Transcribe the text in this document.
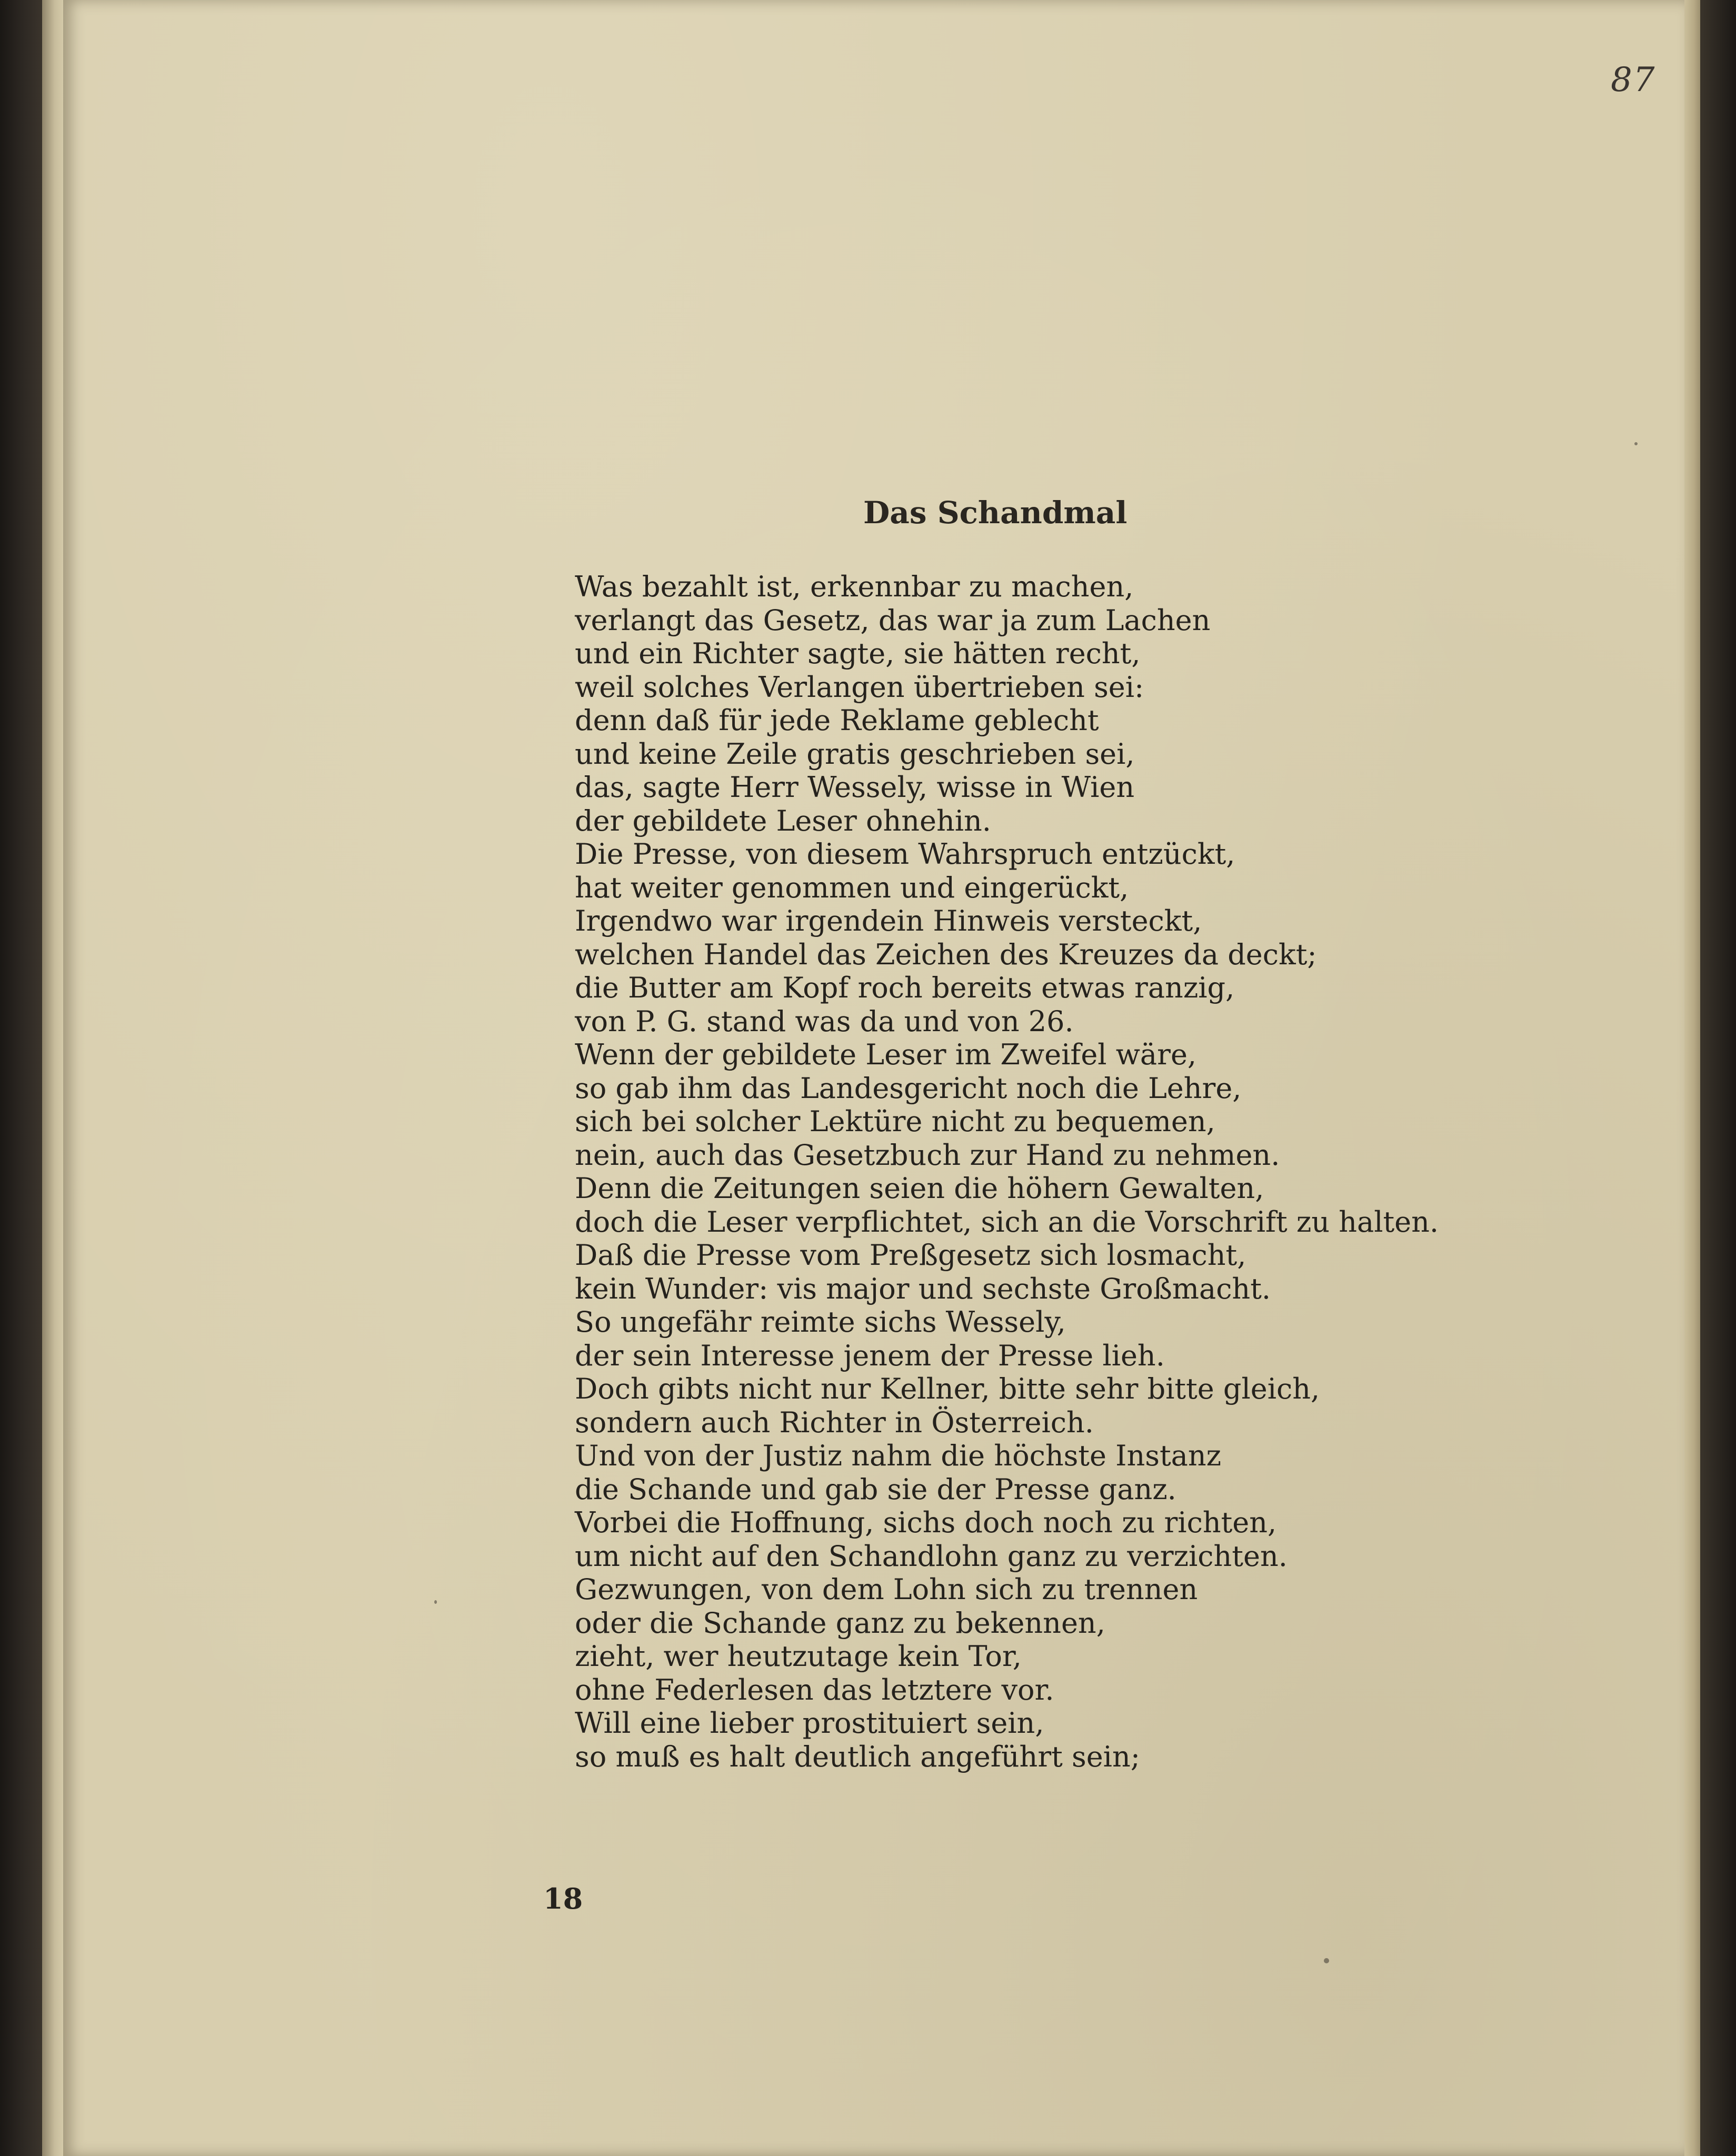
87
Das Schandmal
Was bezahlt ist, erkennbar zu machen,
verlangt das Gesetz, das war ja zum Lachen
und ein Richter sagte, sie hätten recht,
weil solches Verlangen übertrieben sei:
denn daß für jede Reklame geblecht
und keine Zeile gratis geschrieben sei,
das, sagte Herr Wessely, wisse in Wien
der gebildete Leser ohnehin.
Die Presse, von diesem Wahrspruch entzückt,
hat weiter genommen und eingerückt,
Irgendwo war irgendein Hinweis versteckt,
welchen Handel das Zeichen des Kreuzes da deckt;
die Butter am Kopf roch bereits etwas ranzig,
von P. G. stand was da und von 26.
Wenn der gebildete Leser im Zweifel wäre,
so gab ihm das Landesgericht noch die Lehre,
sich bei solcher Lektüre nicht zu bequemen,
nein, auch das Gesetzbuch zur Hand zu nehmen.
Denn die Zeitungen seien die höhern Gewalten,
doch die Leser verpflichtet, sich an die Vorschrift zu halten.
Daß die Presse vom Preßgesetz sich losmacht,
kein Wunder: vis major und sechste Großmacht.
So ungefähr reimte sichs Wessely,
der sein Interesse jenem der Presse lieh.
Doch gibts nicht nur Kellner, bitte sehr bitte gleich,
sondern auch Richter in Österreich.
Und von der Justiz nahm die höchste Instanz
die Schande und gab sie der Presse ganz.
Vorbei die Hoffnung, sichs doch noch zu richten,
um nicht auf den Schandlohn ganz zu verzichten.
Gezwungen, von dem Lohn sich zu trennen
oder die Schande ganz zu bekennen,
zieht, wer heutzutage kein Tor,
ohne Federlesen das letztere vor.
Will eine lieber prostituiert sein,
so muß es halt deutlich angeführt sein;
18
